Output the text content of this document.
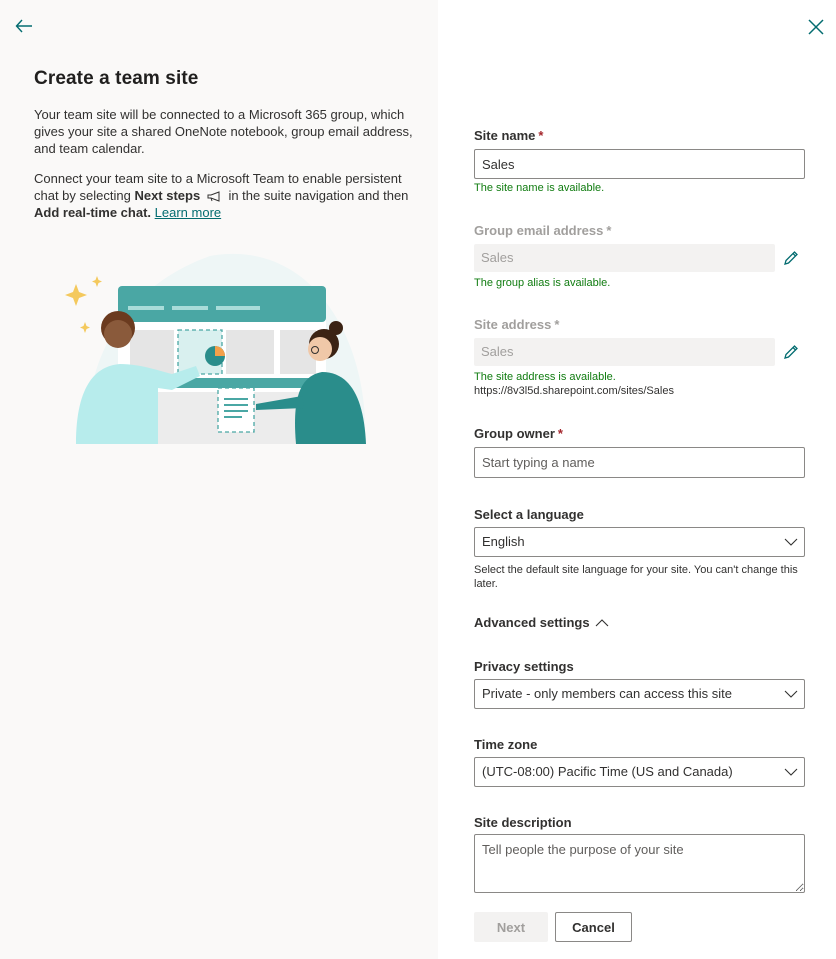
Create a team site

Your team site will be connected to a Microsoft 365 group, which gives your site a shared OneNote notebook, group email address, and team calendar.

Connect your team site to a Microsoft Team to enable persistent chat by selecting Next steps  in the suite navigation and then Add real-time chat. Learn more

Site name *
Sales
The site name is available.
Group email address *
Sales
The group alias is available.
Site address *
Sales
The site address is available.
https://8v3l5d.sharepoint.com/sites/Sales
Group owner *
Start typing a name
Select a language
English
Select the default site language for your site. You can't change this later.
Advanced settings
Privacy settings
Private - only members can access this site
Time zone
(UTC-08:00) Pacific Time (US and Canada)
Site description
Tell people the purpose of your site
Next	Cancel
